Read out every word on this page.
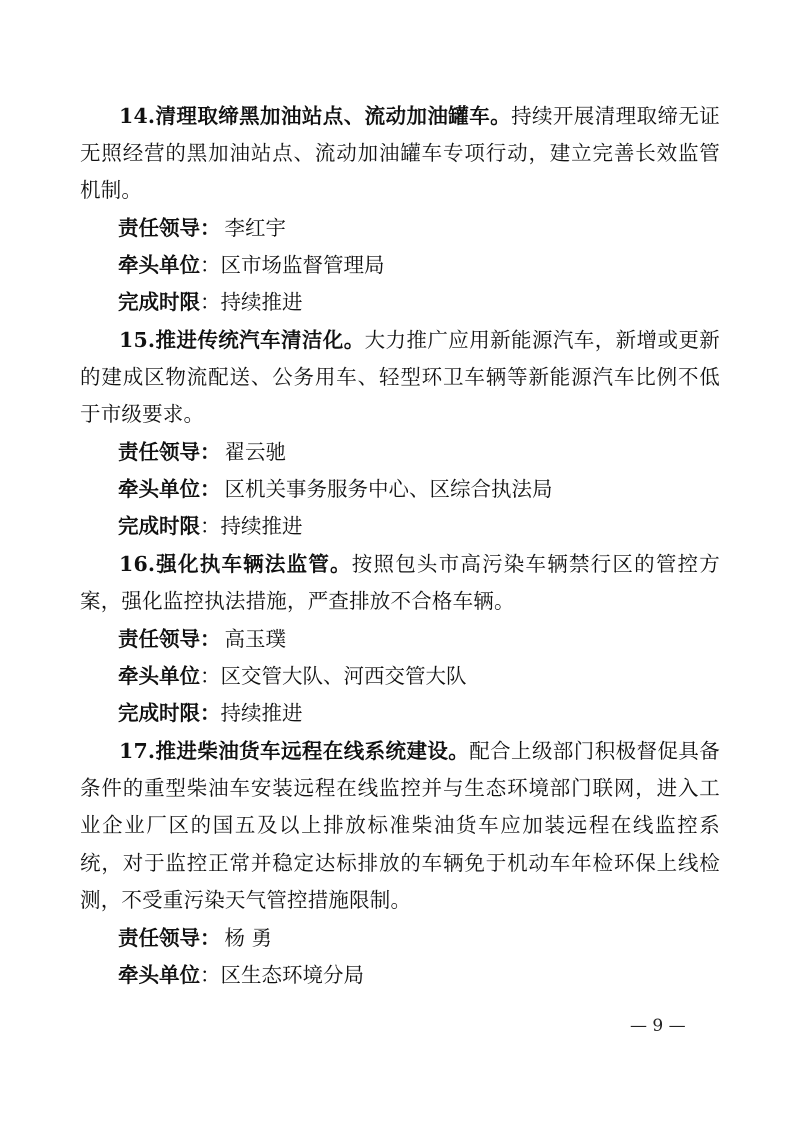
14.清理取缔黑加油站点、流动加油罐车。持续开展清理取缔无证无照经营的黑加油站点、流动加油罐车专项行动，建立完善长效监管机制。
责任领导： 李红宇
牵头单位：区市场监督管理局
完成时限：持续推进
15.推进传统汽车清洁化。大力推广应用新能源汽车，新增或更新的建成区物流配送、公务用车、轻型环卫车辆等新能源汽车比例不低于市级要求。
责任领导： 翟云驰
牵头单位： 区机关事务服务中心、区综合执法局
完成时限：持续推进
16.强化执车辆法监管。按照包头市高污染车辆禁行区的管控方案，强化监控执法措施，严查排放不合格车辆。
责任领导： 高玉璞
牵头单位：区交管大队、河西交管大队
完成时限：持续推进
17.推进柴油货车远程在线系统建设。配合上级部门积极督促具备条件的重型柴油车安装远程在线监控并与生态环境部门联网，进入工业企业厂区的国五及以上排放标准柴油货车应加装远程在线监控系统，对于监控正常并稳定达标排放的车辆免于机动车年检环保上线检测，不受重污染天气管控措施限制。
责任领导： 杨 勇
牵头单位：区生态环境分局
— 9 —
